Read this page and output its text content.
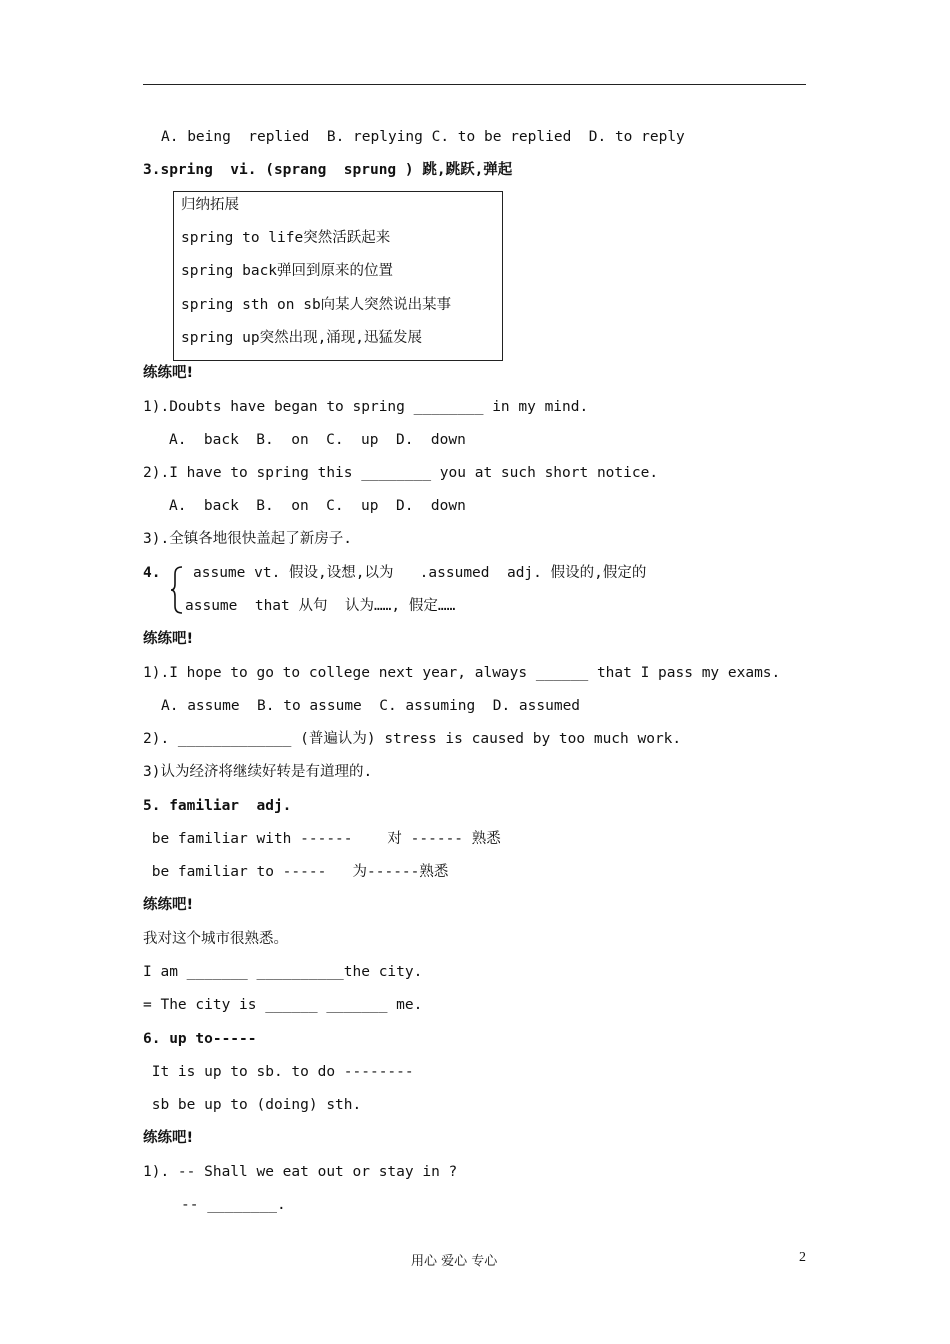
A. being  replied  B. replying C. to be replied  D. to reply
3.spring  vi. (sprang  sprung ) 跳,跳跃,弹起
归纳拓展
spring to life突然活跃起来
spring back弹回到原来的位置
spring sth on sb向某人突然说出某事
spring up突然出现,涌现,迅猛发展
练练吧!
1).Doubts have began to spring ________ in my mind.
A.  back  B.  on  C.  up  D.  down
2).I have to spring this ________ you at such short notice.
A.  back  B.  on  C.  up  D.  down
3).全镇各地很快盖起了新房子.
4. assume vt. 假设,设想,以为   .assumed  adj. 假设的,假定的
assume  that 从句  认为……, 假定……
练练吧!
1).I hope to go to college next year, always ______ that I pass my exams.
A. assume  B. to assume  C. assuming  D. assumed
2). _____________ (普遍认为) stress is caused by too much work.
3)认为经济将继续好转是有道理的.
5. familiar  adj.
be familiar with ------    对 ------ 熟悉
be familiar to -----   为------熟悉
练练吧!
我对这个城市很熟悉。
I am _______ __________the city.
= The city is ______ _______ me.
6. up to-----
It is up to sb. to do --------
sb be up to (doing) sth.
练练吧!
1). -- Shall we eat out or stay in ?
-- ________.
用心 爱心 专心	2
